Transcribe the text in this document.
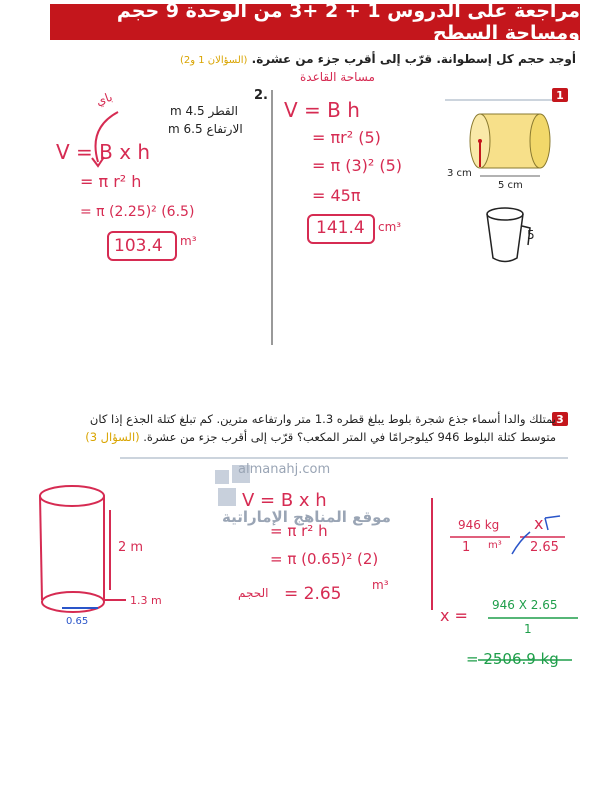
مراجعة على الدروس 1 + 2 +3 من الوحدة 9 حجم ومساحة السطح
أوجد حجم كل إسطوانة. قرّب إلى أقرب جزء من عشرة. (السؤالان 1 و2)
1
3 cm
5 cm
مساحة القاعدة
V = B h
= πr² (5)
= π (3)² (5)
= 45π
141.4 cm³
5
2.
القطر 4.5 m
الارتفاع 6.5 m
باي
V = B x h
= π r² h
= π (2.25)² (6.5)
103.4 m³
3
يمتلك والدا أسماء جذع شجرة بلوط يبلغ قطره 1.3 متر وارتفاعه مترين. كم تبلغ كتلة الجذع إذا كان متوسط كتلة البلوط 946 كيلوجرامًا في المتر المكعب؟ قرّب إلى أقرب جزء من عشرة. (السؤال 3)
almanahj.com
موقع المناهج الإماراتية
2 m
1.3 m
0.65
V = B x h
= π r² h
= π (0.65)² (2)
الحجم = 2.65	m³
946 kg
1 m³
x
2.65
x =
946 X 2.65
1
= 2506.9 kg
